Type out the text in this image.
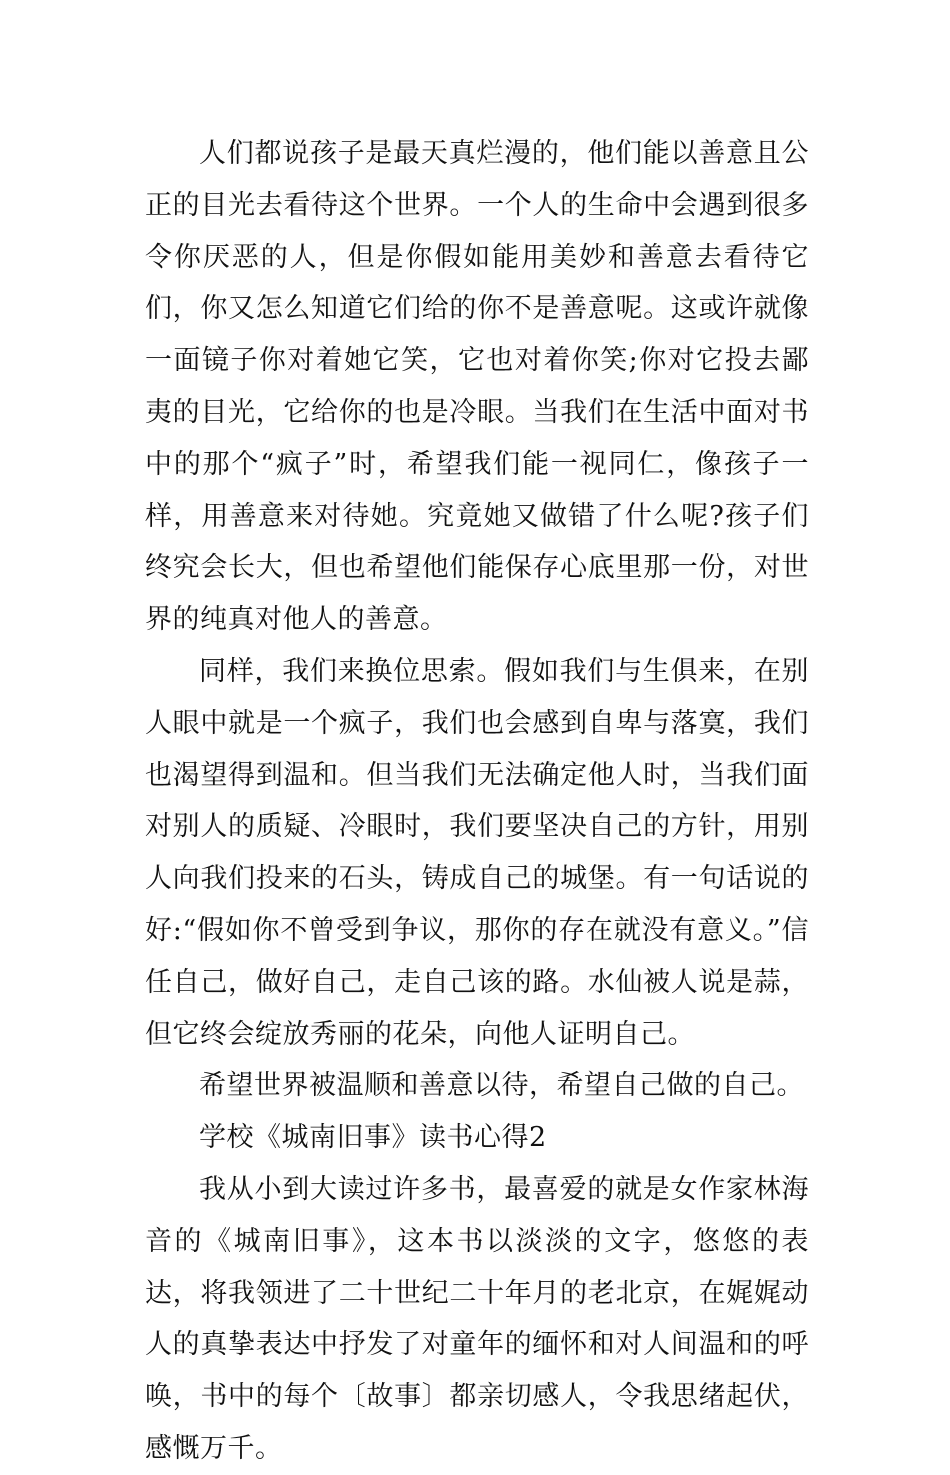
人们都说孩子是最天真烂漫的，他们能以善意且公正的目光去看待这个世界。一个人的生命中会遇到很多令你厌恶的人，但是你假如能用美妙和善意去看待它们，你又怎么知道它们给的你不是善意呢。这或许就像一面镜子你对着她它笑，它也对着你笑;你对它投去鄙夷的目光，它给你的也是冷眼。当我们在生活中面对书中的那个“疯子”时，希望我们能一视同仁，像孩子一样，用善意来对待她。究竟她又做错了什么呢?孩子们终究会长大，但也希望他们能保存心底里那一份，对世界的纯真对他人的善意。

同样，我们来换位思索。假如我们与生俱来，在别人眼中就是一个疯子，我们也会感到自卑与落寞，我们也渴望得到温和。但当我们无法确定他人时，当我们面对别人的质疑、冷眼时，我们要坚决自己的方针，用别人向我们投来的石头，铸成自己的城堡。有一句话说的好:“假如你不曾受到争议，那你的存在就没有意义。”信任自己，做好自己，走自己该的路。水仙被人说是蒜，但它终会绽放秀丽的花朵，向他人证明自己。

希望世界被温顺和善意以待，希望自己做的自己。

学校《城南旧事》读书心得2

我从小到大读过许多书，最喜爱的就是女作家林海音的《城南旧事》，这本书以淡淡的文字，悠悠的表达，将我领进了二十世纪二十年月的老北京，在娓娓动人的真挚表达中抒发了对童年的缅怀和对人间温和的呼唤，书中的每个〔故事〕都亲切感人，令我思绪起伏，感慨万千。
